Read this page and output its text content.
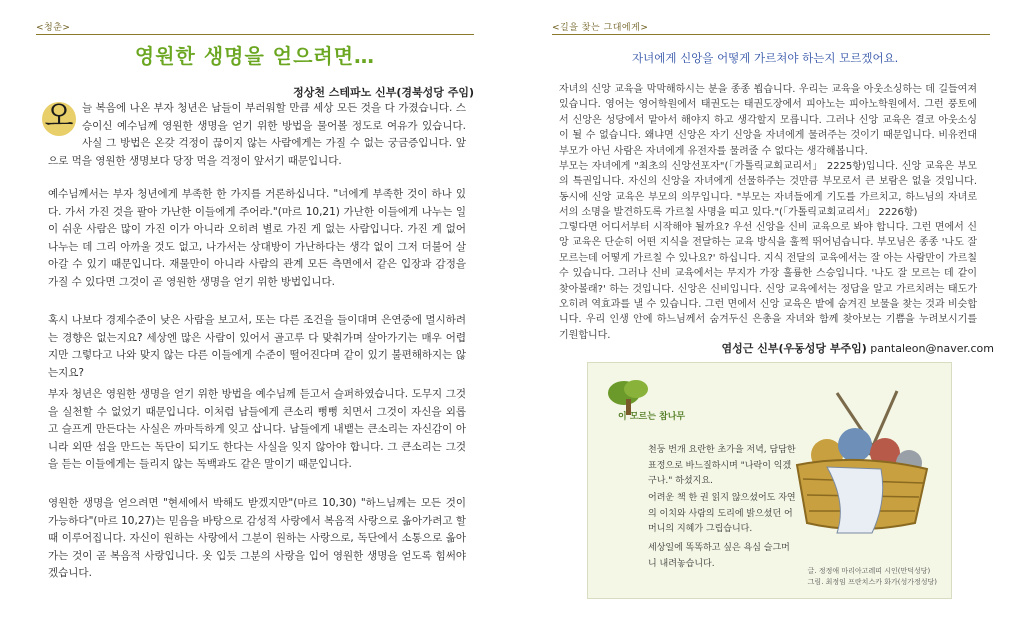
<청춘>
영원한 생명을 얻으려면…
정상천 스테파노 신부(경북성당 주임)

오 늘 복음에 나온 부자 청년은 남들이 부러워할 만큼 세상 모든 것을 다 가졌습니다. 스승이신 예수님께 영원한 생명을 얻기 위한 방법을 물어볼 정도로 여유가 있습니다. 사실 그 방법은 온갖 걱정이 끊이지 않는 사람에게는 가질 수 없는 궁금증입니다. 앞으로 먹을 영원한 생명보다 당장 먹을 걱정이 앞서기 때문입니다.

예수님께서는 부자 청년에게 부족한 한 가지를 거론하십니다. "너에게 부족한 것이 하나 있다. 가서 가진 것을 팔아 가난한 이들에게 주어라."(마르 10,21) 가난한 이들에게 나누는 일이 쉬운 사람은 많이 가진 이가 아니라 오히려 별로 가진 게 없는 사람입니다. 가진 게 없어 나누는 데 그리 아까울 것도 없고, 나가서는 상대방이 가난하다는 생각 없이 그저 더불어 살아갈 수 있기 때문입니다. 재물만이 아니라 사람의 관계 모든 측면에서 같은 입장과 감정을 가질 수 있다면 그것이 곧 영원한 생명을 얻기 위한 방법입니다.

혹시 나보다 경제수준이 낮은 사람을 보고서, 또는 다른 조건을 들이대며 은연중에 멸시하려는 경향은 없는지요? 세상엔 많은 사람이 있어서 골고루 다 맞춰가며 살아가기는 매우 어렵지만 그렇다고 나와 맞지 않는 다른 이들에게 수준이 떨어진다며 같이 있기 불편해하지는 않는지요?

부자 청년은 영원한 생명을 얻기 위한 방법을 예수님께 듣고서 슬퍼하였습니다. 도무지 그것을 실천할 수 없었기 때문입니다. 이처럼 남들에게 큰소리 뻥뻥 치면서 그것이 자신을 외롭고 슬프게 만든다는 사실은 까마득하게 잊고 삽니다. 남들에게 내뱉는 큰소리는 자신감이 아니라 외딴 섬을 만드는 독단이 되기도 한다는 사실을 잊지 않아야 합니다. 그 큰소리는 그것을 듣는 이들에게는 들리지 않는 독백과도 같은 말이기 때문입니다.

영원한 생명을 얻으려면 "현세에서 박해도 받겠지만"(마르 10,30) "하느님께는 모든 것이 가능하다"(마르 10,27)는 믿음을 바탕으로 감성적 사랑에서 복음적 사랑으로 옮아가려고 할 때 이루어집니다. 자신이 원하는 사랑에서 그분이 원하는 사랑으로, 독단에서 소통으로 옮아가는 것이 곧 복음적 사랑입니다. 옷 입듯 그분의 사랑을 입어 영원한 생명을 얻도록 힘써야겠습니다.

<길을 찾는 그대에게>
자녀에게 신앙을 어떻게 가르쳐야 하는지 모르겠어요.

자녀의 신앙 교육을 막막해하시는 분을 종종 뵙습니다. 우리는 교육을 아웃소싱하는 데 길들여져 있습니다. 영어는 영어학원에서 태권도는 태권도장에서 피아노는 피아노학원에서. 그런 풍토에서 신앙은 성당에서 맡아서 해야지 하고 생각할지 모릅니다. 그러나 신앙 교육은 결코 아웃소싱이 될 수 없습니다. 왜냐면 신앙은 자기 신앙을 자녀에게 물려주는 것이기 때문입니다. 비유컨대 부모가 아닌 사람은 자녀에게 유전자를 물려줄 수 없다는 생각해봅니다.

부모는 자녀에게 "최초의 신앙선포자"(「가톨릭교회교리서」 2225항)입니다. 신앙 교육은 부모의 특권입니다. 자신의 신앙을 자녀에게 선물하주는 것만큼 부모로서 큰 보람은 없을 것입니다. 동시에 신앙 교육은 부모의 의무입니다. "부모는 자녀들에게 기도를 가르치고, 하느님의 자녀로서의 소명을 발견하도록 가르칠 사명을 띠고 있다."(「가톨릭교회교리서」 2226항)

그렇다면 어디서부터 시작해야 될까요? 우선 신앙을 신비 교육으로 봐야 합니다. 그런 면에서 신앙 교육은 단순히 어떤 지식을 전달하는 교육 방식을 훌쩍 뛰어넘습니다. 부모님은 종종 '나도 잘 모르는데 어떻게 가르칠 수 있나요?' 하십니다. 지식 전달의 교육에서는 잘 아는 사람만이 가르칠 수 있습니다. 그러나 신비 교육에서는 무지가 가장 훌륭한 스승입니다. '나도 잘 모르는 데 같이 찾아볼래?' 하는 것입니다. 신앙은 신비입니다. 신앙 교육에서는 정답을 알고 가르치려는 태도가 오히려 역효과를 낼 수 있습니다. 그런 면에서 신앙 교육은 밭에 숨겨진 보물을 찾는 것과 비슷합니다. 우리 인생 안에 하느님께서 숨겨두신 은총을 자녀와 함께 찾아보는 기쁨을 누려보시기를 기원합니다.

염성근 신부(우동성당 부주임) pantaleon@naver.com
이 모르는 참나무

천둥 번개 요란한 초가을 저녁, 담담한 표정으로 바느질하시며 "나락이 익겠구나." 하셨지요.

어려운 책 한 권 읽지 않으셨어도 자연의 이치와 사람의 도리에 밝으셨던 어머니의 지혜가 그립습니다.

세상일에 똑똑하고 싶은 욕심 슬그머니 내려놓습니다.

글. 정정애 마리아고레띠 시인(만덕성당)
그림. 최정임 프란치스카 화가(성가정성당)
